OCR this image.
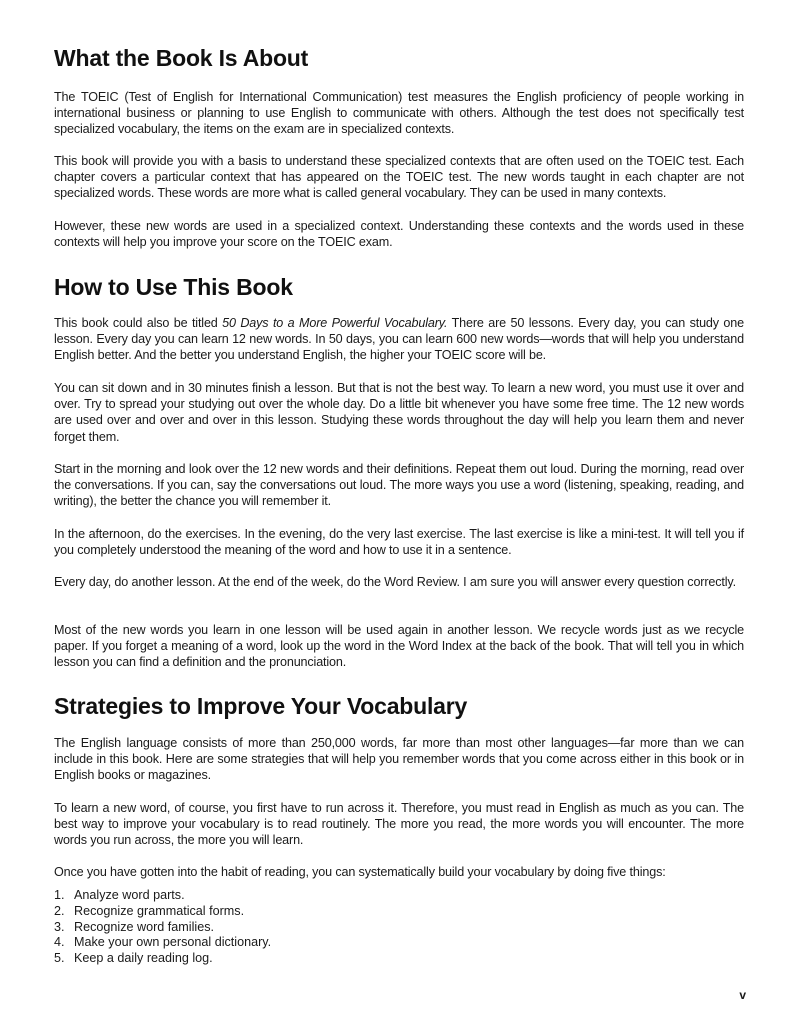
What the Book Is About

The TOEIC (Test of English for International Communication) test measures the English proficiency of people working in international business or planning to use English to communicate with others. Although the test does not specifically test specialized vocabulary, the items on the exam are in specialized contexts.

This book will provide you with a basis to understand these specialized contexts that are often used on the TOEIC test. Each chapter covers a particular context that has appeared on the TOEIC test. The new words taught in each chapter are not specialized words. These words are more what is called general vocabulary. They can be used in many contexts.

However, these new words are used in a specialized context. Understanding these contexts and the words used in these contexts will help you improve your score on the TOEIC exam.

How to Use This Book

This book could also be titled 50 Days to a More Powerful Vocabulary. There are 50 lessons. Every day, you can study one lesson. Every day you can learn 12 new words. In 50 days, you can learn 600 new words—words that will help you understand English better. And the better you understand English, the higher your TOEIC score will be.

You can sit down and in 30 minutes finish a lesson. But that is not the best way. To learn a new word, you must use it over and over. Try to spread your studying out over the whole day. Do a little bit whenever you have some free time. The 12 new words are used over and over and over in this lesson. Studying these words throughout the day will help you learn them and never forget them.

Start in the morning and look over the 12 new words and their definitions. Repeat them out loud. During the morning, read over the conversations. If you can, say the conversations out loud. The more ways you use a word (listening, speaking, reading, and writing), the better the chance you will remember it.

In the afternoon, do the exercises. In the evening, do the very last exercise. The last exercise is like a mini-test. It will tell you if you completely understood the meaning of the word and how to use it in a sentence.

Every day, do another lesson. At the end of the week, do the Word Review. I am sure you will answer every question correctly.

Most of the new words you learn in one lesson will be used again in another lesson. We recycle words just as we recycle paper. If you forget a meaning of a word, look up the word in the Word Index at the back of the book. That will tell you in which lesson you can find a definition and the pronunciation.

Strategies to Improve Your Vocabulary

The English language consists of more than 250,000 words, far more than most other languages—far more than we can include in this book. Here are some strategies that will help you remember words that you come across either in this book or in English books or magazines.

To learn a new word, of course, you first have to run across it. Therefore, you must read in English as much as you can. The best way to improve your vocabulary is to read routinely. The more you read, the more words you will encounter. The more words you run across, the more you will learn.

Once you have gotten into the habit of reading, you can systematically build your vocabulary by doing five things:

1. Analyze word parts.
2. Recognize grammatical forms.
3. Recognize word families.
4. Make your own personal dictionary.
5. Keep a daily reading log.
v
